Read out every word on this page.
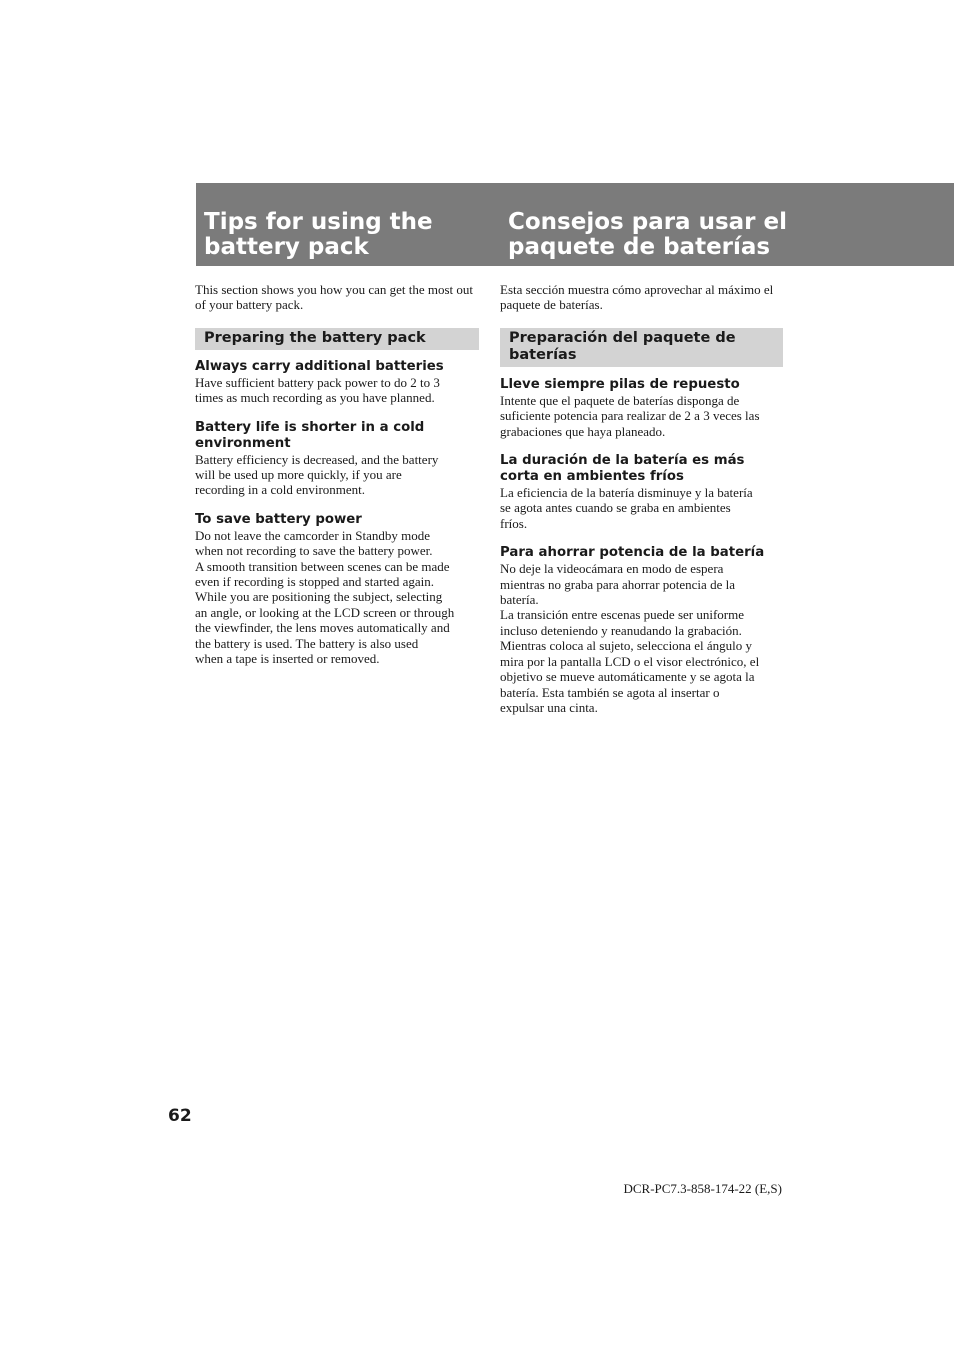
Tips for using the battery pack
Consejos para usar el paquete de baterías

This section shows you how you can get the most out of your battery pack.

Preparing the battery pack
Always carry additional batteries

Have sufficient battery pack power to do 2 to 3
times as much recording as you have planned.

Battery life is shorter in a cold environment

Battery efficiency is decreased, and the battery
will be used up more quickly, if you are
recording in a cold environment.

To save battery power

Do not leave the camcorder in Standby mode
when not recording to save the battery power.
A smooth transition between scenes can be made
even if recording is stopped and started again.
While you are positioning the subject, selecting
an angle, or looking at the LCD screen or through
the viewfinder, the lens moves automatically and
the battery is used. The battery is also used
when a tape is inserted or removed.

Esta sección muestra cómo aprovechar al máximo el paquete de baterías.

Preparación del paquete de baterías
Lleve siempre pilas de repuesto

Intente que el paquete de baterías disponga de
suficiente potencia para realizar de 2 a 3 veces las
grabaciones que haya planeado.

La duración de la batería es más corta en ambientes fríos

La eficiencia de la batería disminuye y la batería
se agota antes cuando se graba en ambientes
fríos.

Para ahorrar potencia de la batería

No deje la videocámara en modo de espera
mientras no graba para ahorrar potencia de la
batería.
La transición entre escenas puede ser uniforme
incluso deteniendo y reanudando la grabación.
Mientras coloca al sujeto, selecciona el ángulo y
mira por la pantalla LCD o el visor electrónico, el
objetivo se mueve automáticamente y se agota la
batería. Esta también se agota al insertar o
expulsar una cinta.

62
DCR-PC7.3-858-174-22 (E,S)
